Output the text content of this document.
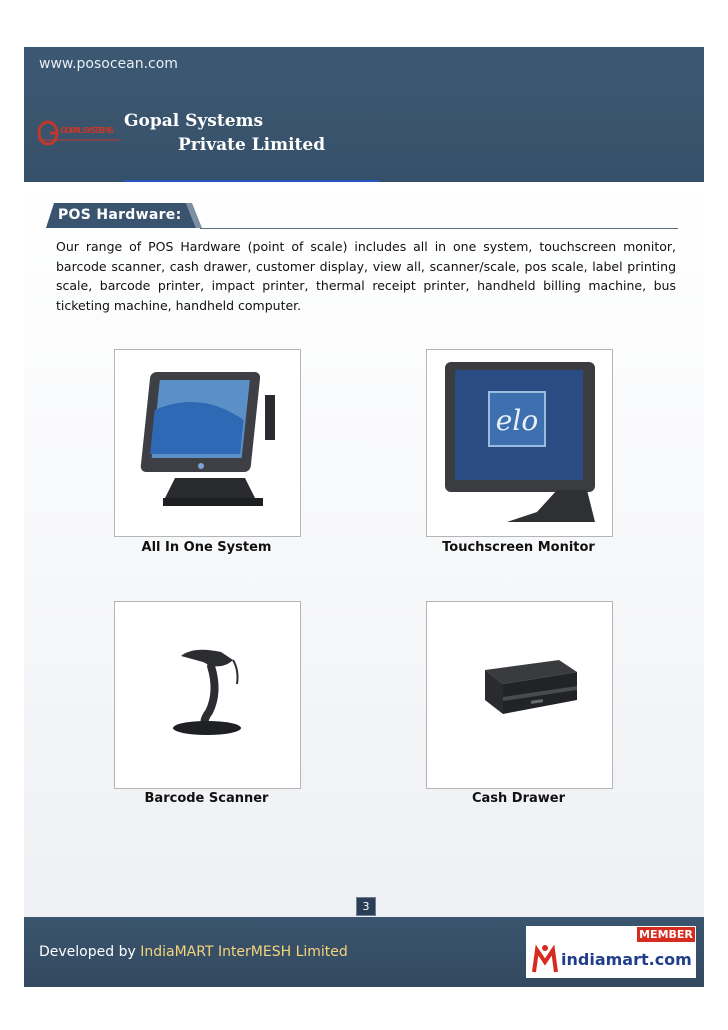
www.posocean.com
GOPAL SYSTEMS Gopal Systems
Private Limited
POS Hardware:
Our range of POS Hardware (point of scale) includes all in one system, touchscreen monitor, barcode scanner, cash drawer, customer display, view all, scanner/scale, pos scale, label printing scale, barcode printer, impact printer, thermal receipt printer, handheld billing machine, bus ticketing machine, handheld computer.
All In One System
elo
Touchscreen Monitor
Barcode Scanner	Cash Drawer
3
Developed by IndiaMART InterMESH Limited
MEMBER
indiamart.com
